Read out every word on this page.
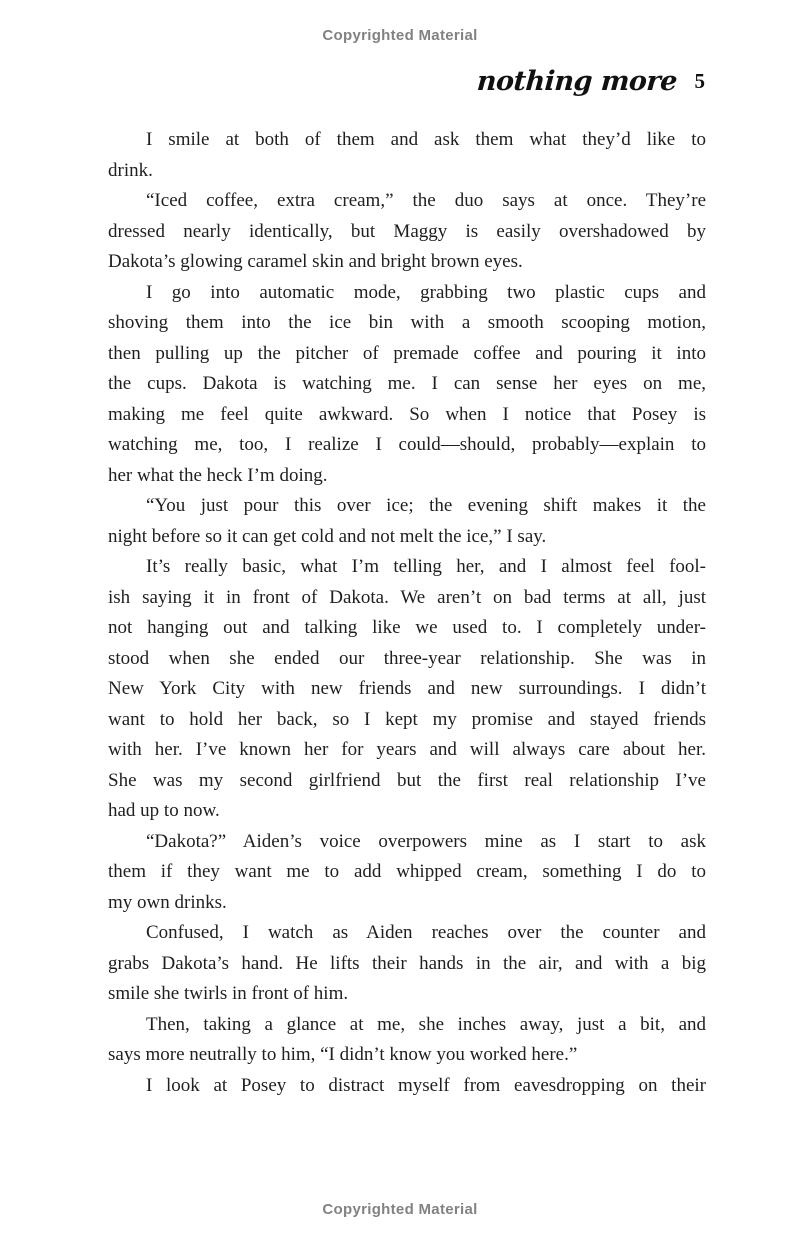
Copyrighted Material
nothing more 5
I smile at both of them and ask them what they’d like to
drink.
“Iced coffee, extra cream,” the duo says at once. They’re
dressed nearly identically, but Maggy is easily overshadowed by
Dakota’s glowing caramel skin and bright brown eyes.
I go into automatic mode, grabbing two plastic cups and
shoving them into the ice bin with a smooth scooping motion,
then pulling up the pitcher of premade coffee and pouring it into
the cups. Dakota is watching me. I can sense her eyes on me,
making me feel quite awkward. So when I notice that Posey is
watching me, too, I realize I could—should, probably—explain to
her what the heck I’m doing.
“You just pour this over ice; the evening shift makes it the
night before so it can get cold and not melt the ice,” I say.
It’s really basic, what I’m telling her, and I almost feel fool-
ish saying it in front of Dakota. We aren’t on bad terms at all, just
not hanging out and talking like we used to. I completely under-
stood when she ended our three-year relationship. She was in
New York City with new friends and new surroundings. I didn’t
want to hold her back, so I kept my promise and stayed friends
with her. I’ve known her for years and will always care about her.
She was my second girlfriend but the first real relationship I’ve
had up to now.
“Dakota?” Aiden’s voice overpowers mine as I start to ask
them if they want me to add whipped cream, something I do to
my own drinks.
Confused, I watch as Aiden reaches over the counter and
grabs Dakota’s hand. He lifts their hands in the air, and with a big
smile she twirls in front of him.
Then, taking a glance at me, she inches away, just a bit, and
says more neutrally to him, “I didn’t know you worked here.”
I look at Posey to distract myself from eavesdropping on their
Copyrighted Material
